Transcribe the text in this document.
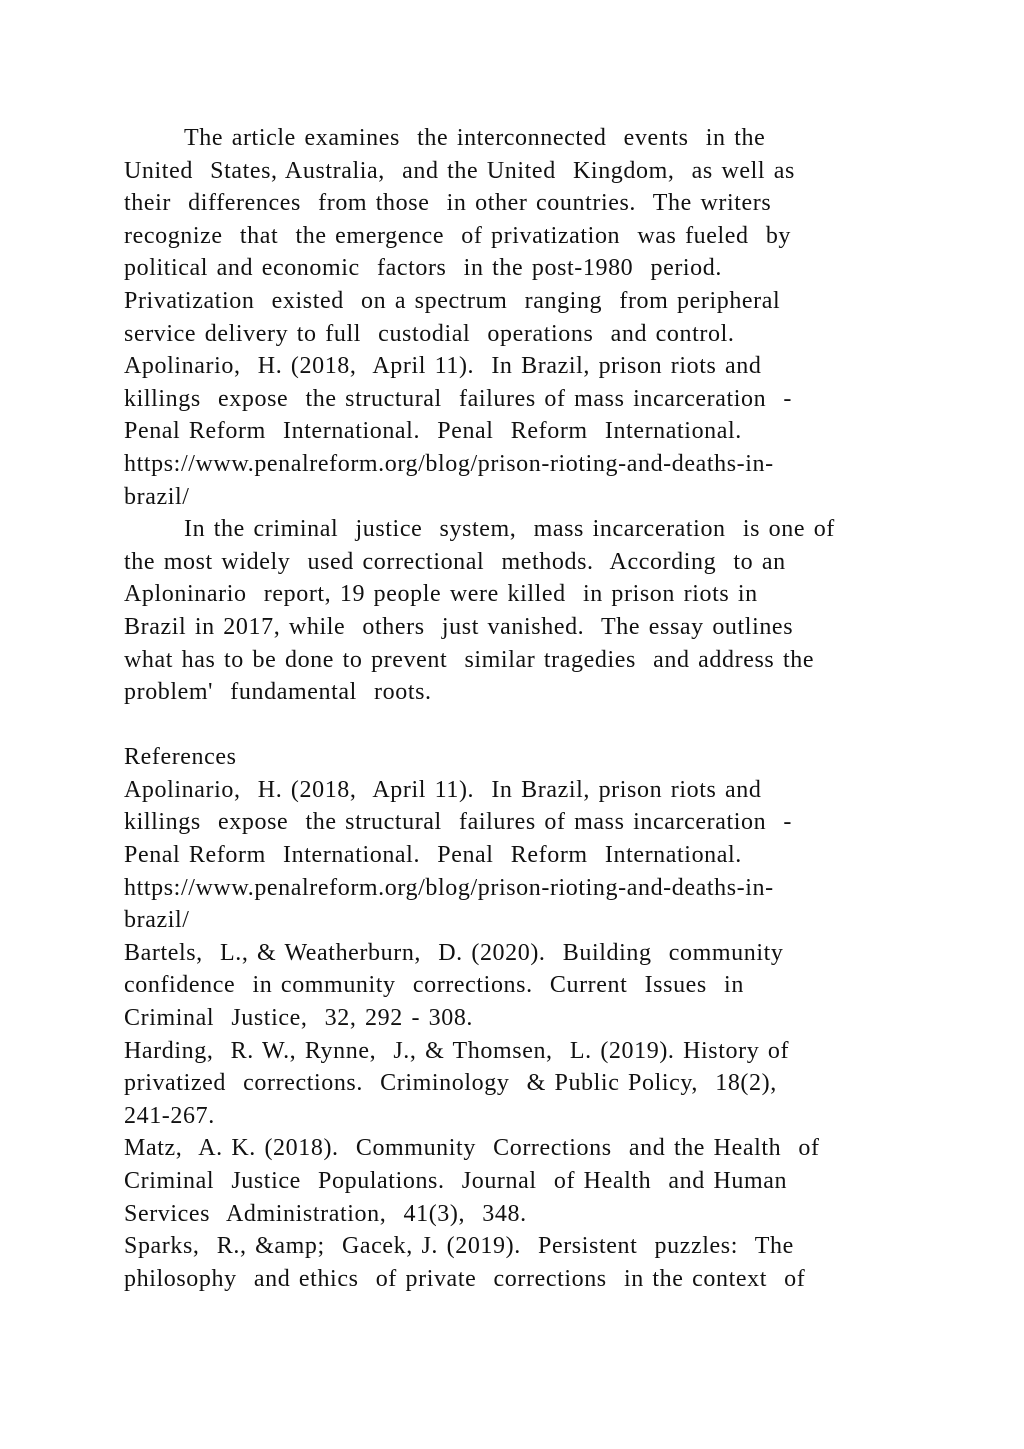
The article examines  the interconnected  events  in the
United  States, Australia,  and the United  Kingdom,  as well as
their  differences  from those  in other countries.  The writers
recognize  that  the emergence  of privatization  was fueled  by
political and economic  factors  in the post-1980  period.
Privatization  existed  on a spectrum  ranging  from peripheral
service delivery to full  custodial  operations  and control.
Apolinario,  H. (2018,  April 11).  In Brazil, prison riots and
killings  expose  the structural  failures of mass incarceration  -
Penal Reform  International.  Penal  Reform  International.
https://www.penalreform.org/blog/prison-rioting-and-deaths-in-
brazil/
In the criminal  justice  system,  mass incarceration  is one of
the most widely  used correctional  methods.  According  to an
Aploninario  report, 19 people were killed  in prison riots in
Brazil in 2017, while  others  just vanished.  The essay outlines
what has to be done to prevent  similar tragedies  and address the
problem'  fundamental  roots.
References
Apolinario,  H. (2018,  April 11).  In Brazil, prison riots and
killings  expose  the structural  failures of mass incarceration  -
Penal Reform  International.  Penal  Reform  International.
https://www.penalreform.org/blog/prison-rioting-and-deaths-in-
brazil/
Bartels,  L., & Weatherburn,  D. (2020).  Building  community
confidence  in community  corrections.  Current  Issues  in
Criminal  Justice,  32, 292 - 308.
Harding,  R. W., Rynne,  J., & Thomsen,  L. (2019). History of
privatized  corrections.  Criminology  & Public Policy,  18(2),
241-267.
Matz,  A. K. (2018).  Community  Corrections  and the Health  of
Criminal  Justice  Populations.  Journal  of Health  and Human
Services  Administration,  41(3),  348.
Sparks,  R., &amp;  Gacek, J. (2019).  Persistent  puzzles:  The
philosophy  and ethics  of private  corrections  in the context  of
